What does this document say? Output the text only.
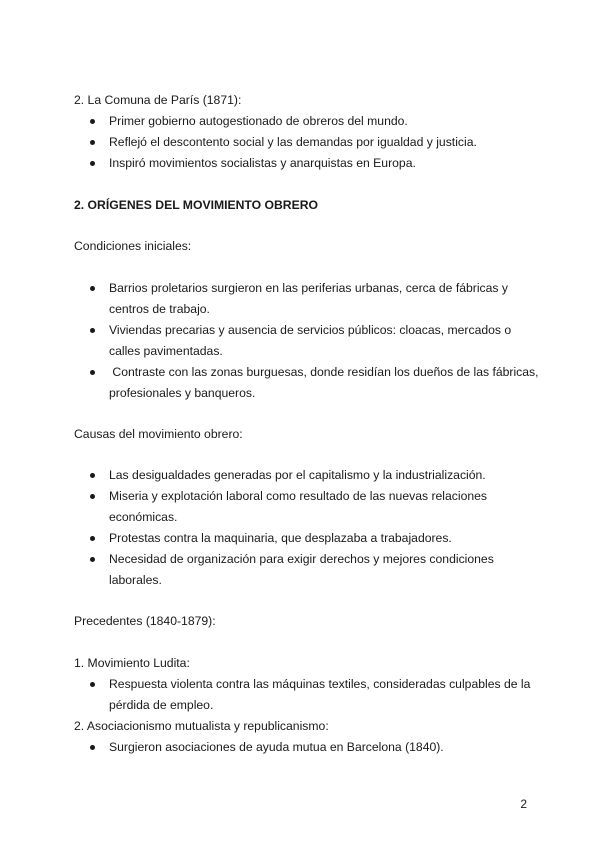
2. La Comuna de París (1871):
Primer gobierno autogestionado de obreros del mundo.
Reflejó el descontento social y las demandas por igualdad y justicia.
Inspiró movimientos socialistas y anarquistas en Europa.
2. ORÍGENES DEL MOVIMIENTO OBRERO
Condiciones iniciales:
Barrios proletarios surgieron en las periferias urbanas, cerca de fábricas y centros de trabajo.
Viviendas precarias y ausencia de servicios públicos: cloacas, mercados o calles pavimentadas.
Contraste con las zonas burguesas, donde residían los dueños de las fábricas, profesionales y banqueros.
Causas del movimiento obrero:
Las desigualdades generadas por el capitalismo y la industrialización.
Miseria y explotación laboral como resultado de las nuevas relaciones económicas.
Protestas contra la maquinaria, que desplazaba a trabajadores.
Necesidad de organización para exigir derechos y mejores condiciones laborales.
Precedentes (1840-1879):
1. Movimiento Ludita:
Respuesta violenta contra las máquinas textiles, consideradas culpables de la pérdida de empleo.
2. Asociacionismo mutualista y republicanismo:
Surgieron asociaciones de ayuda mutua en Barcelona (1840).
2
